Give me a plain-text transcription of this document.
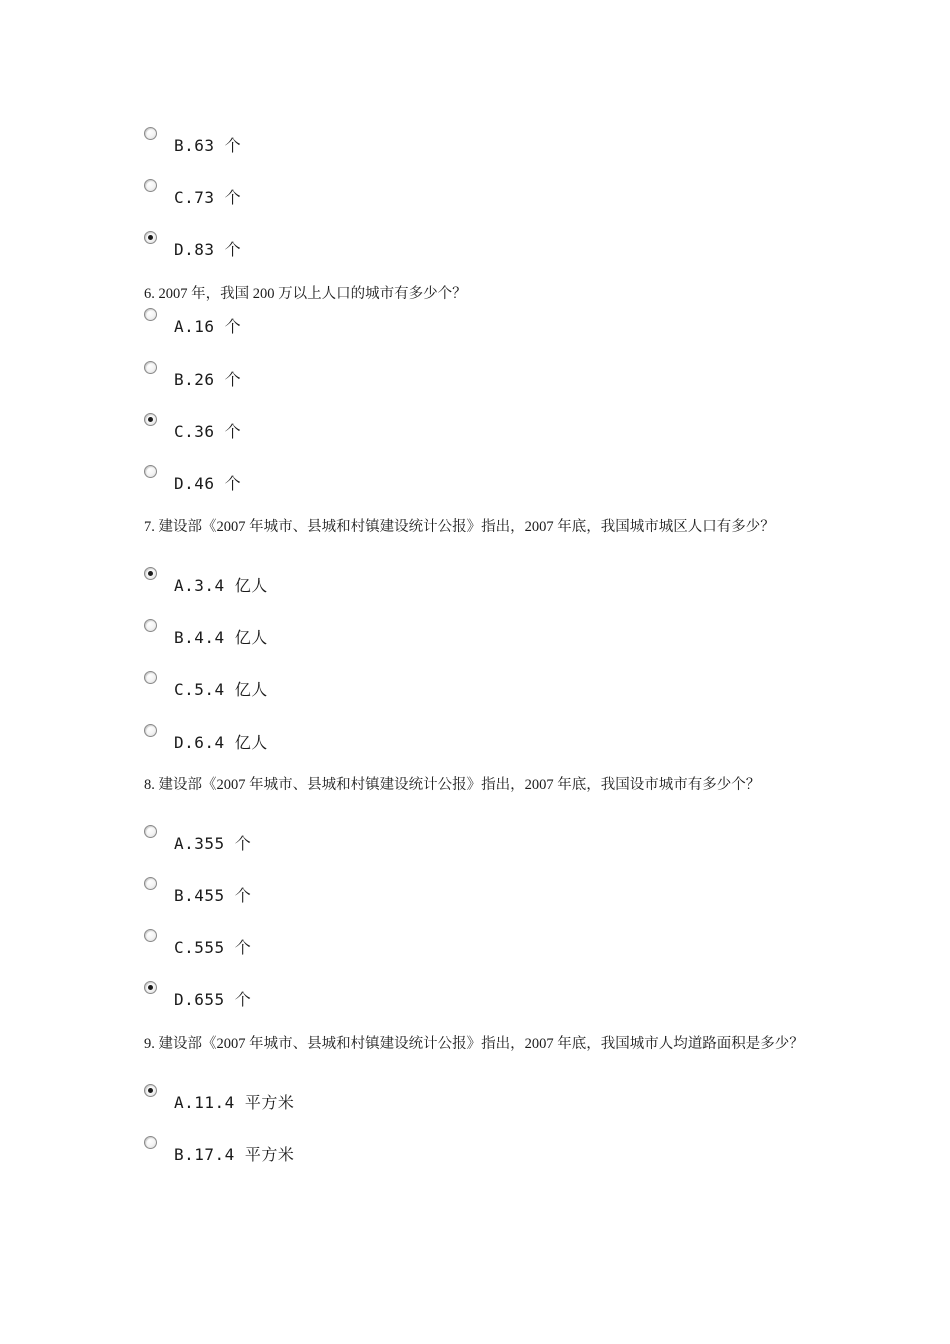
B.63 个
C.73 个
D.83 个
6. 2007 年，我国 200 万以上人口的城市有多少个？
A.16 个
B.26 个
C.36 个
D.46 个
7. 建设部《2007 年城市、县城和村镇建设统计公报》指出，2007 年底，我国城市城区人口有多少？
A.3.4 亿人
B.4.4 亿人
C.5.4 亿人
D.6.4 亿人
8. 建设部《2007 年城市、县城和村镇建设统计公报》指出，2007 年底，我国设市城市有多少个？
A.355 个
B.455 个
C.555 个
D.655 个
9. 建设部《2007 年城市、县城和村镇建设统计公报》指出，2007 年底，我国城市人均道路面积是多少？
A.11.4 平方米
B.17.4 平方米
